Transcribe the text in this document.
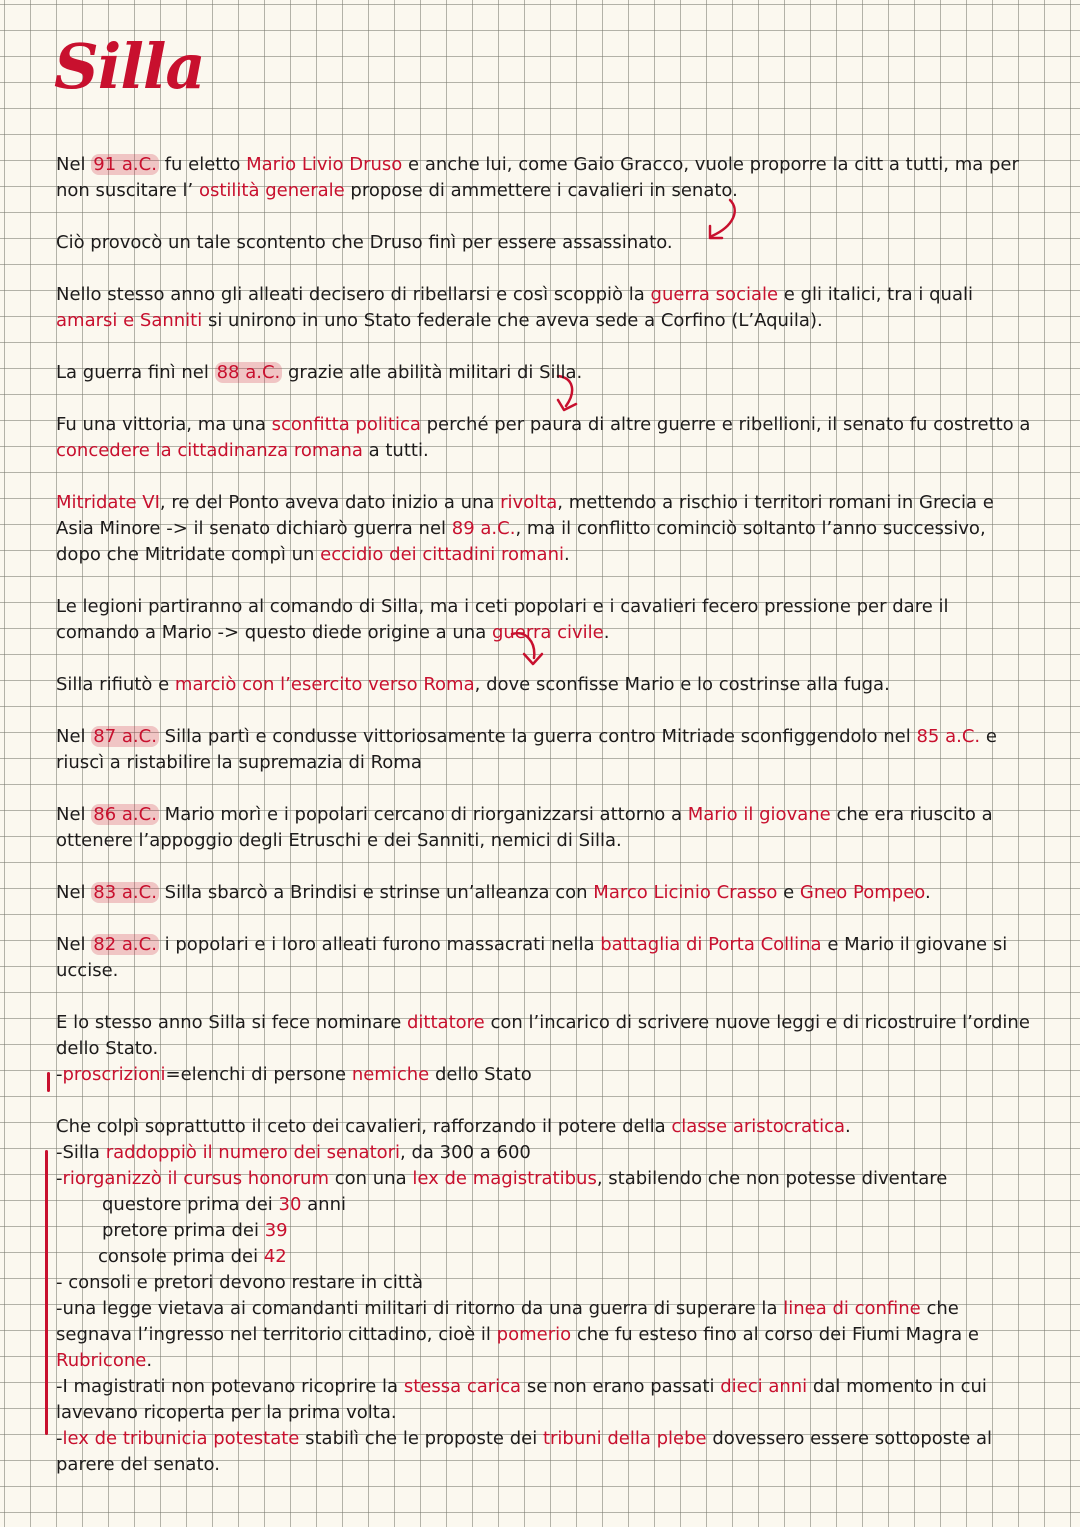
Silla

Nel 91 a.C. fu eletto Mario Livio Druso e anche lui, come Gaio Gracco, vuole proporre la citt a tutti, ma per non suscitare l’ ostilità generale propose di ammettere i cavalieri in senato.

Ciò provocò un tale scontento che Druso finì per essere assassinato.

Nello stesso anno gli alleati decisero di ribellarsi e così scoppiò la guerra sociale e gli italici, tra i quali amarsi e Sanniti si unirono in uno Stato federale che aveva sede a Corfino (L’Aquila).

La guerra finì nel 88 a.C. grazie alle abilità militari di Silla.

Fu una vittoria, ma una sconfitta politica perché per paura di altre guerre e ribellioni, il senato fu costretto a concedere la cittadinanza romana a tutti.

Mitridate VI, re del Ponto aveva dato inizio a una rivolta, mettendo a rischio i territori romani in Grecia e Asia Minore -> il senato dichiarò guerra nel 89 a.C., ma il conflitto cominciò soltanto l’anno successivo, dopo che Mitridate compì un eccidio dei cittadini romani.

Le legioni partiranno al comando di Silla, ma i ceti popolari e i cavalieri fecero pressione per dare il comando a Mario -> questo diede origine a una guerra civile.

Silla rifiutò e marciò con l’esercito verso Roma, dove sconfisse Mario e lo costrinse alla fuga.

Nel 87 a.C. Silla partì e condusse vittoriosamente la guerra contro Mitriade sconfiggendolo nel 85 a.C. e riuscì a ristabilire la supremazia di Roma

Nel 86 a.C. Mario morì e i popolari cercano di riorganizzarsi attorno a Mario il giovane che era riuscito a ottenere l’appoggio degli Etruschi e dei Sanniti, nemici di Silla.

Nel 83 a.C. Silla sbarcò a Brindisi e strinse un’alleanza con Marco Licinio Crasso e Gneo Pompeo.

Nel 82 a.C. i popolari e i loro alleati furono massacrati nella battaglia di Porta Collina e Mario il giovane si uccise.

E lo stesso anno Silla si fece nominare dittatore con l’incarico di scrivere nuove leggi e di ricostruire l’ordine dello Stato.

-proscrizioni=elenchi di persone nemiche dello Stato

Che colpì soprattutto il ceto dei cavalieri, rafforzando il potere della classe aristocratica.

-Silla raddoppiò il numero dei senatori, da 300 a 600
-riorganizzò il cursus honorum con una lex de magistratibus, stabilendo che non potesse diventare
questore prima dei 30 anni
pretore prima dei 39
console prima dei 42
- consoli e pretori devono restare in città
-una legge vietava ai comandanti militari di ritorno da una guerra di superare la linea di confine che segnava l’ingresso nel territorio cittadino, cioè il pomerio che fu esteso fino al corso dei Fiumi Magra e Rubricone.
-I magistrati non potevano ricoprire la stessa carica se non erano passati dieci anni dal momento in cui lavevano ricoperta per la prima volta.
-lex de tribunicia potestate stabilì che le proposte dei tribuni della plebe dovessero essere sottoposte al parere del senato.
